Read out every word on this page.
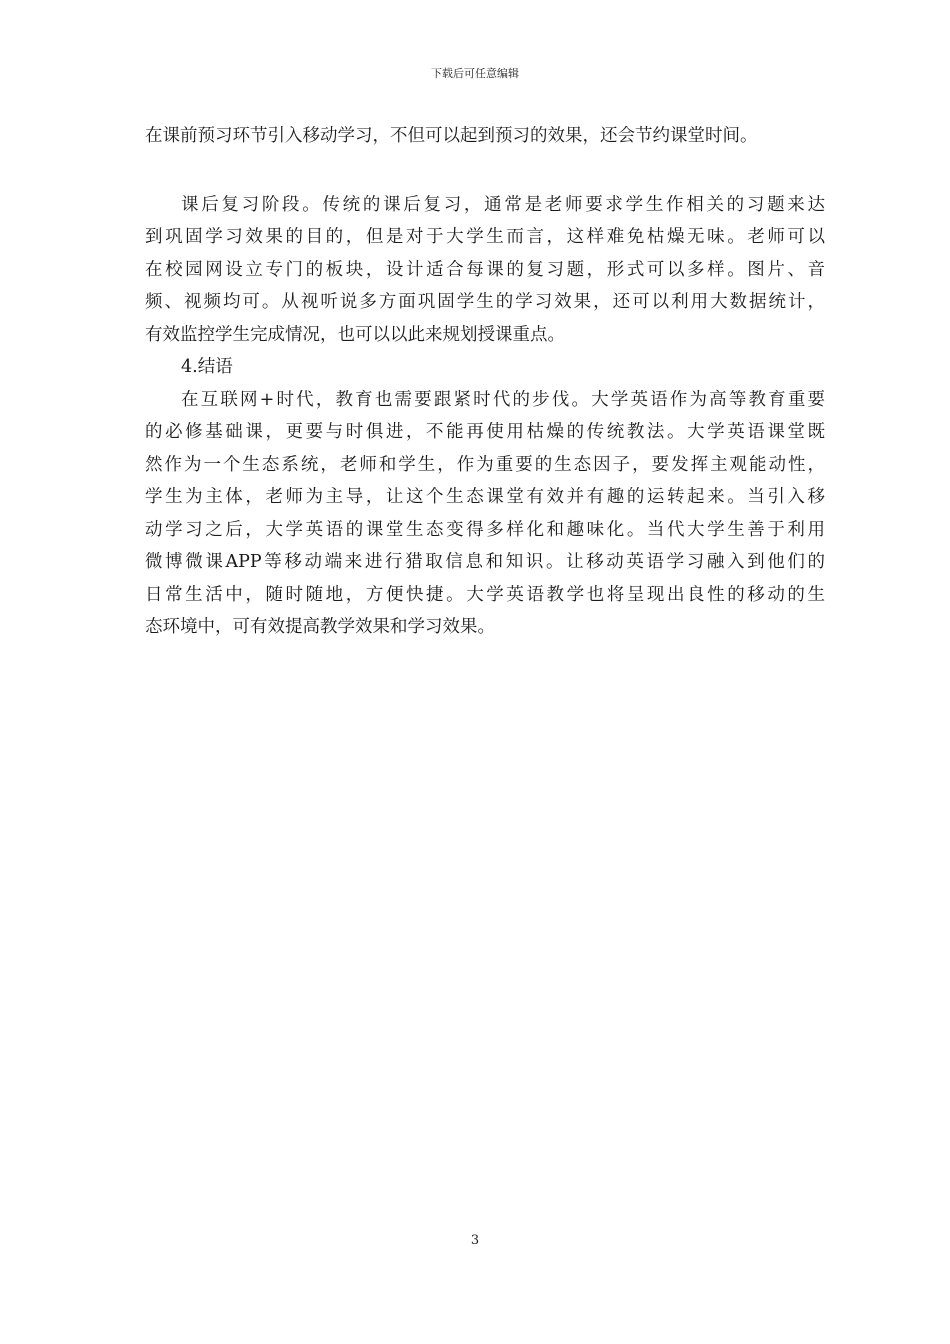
下载后可任意编辑
在课前预习环节引入移动学习，不但可以起到预习的效果，还会节约课堂时间。
课后复习阶段。传统的课后复习，通常是老师要求学生作相关的习题来达
到巩固学习效果的目的，但是对于大学生而言，这样难免枯燥无味。老师可以
在校园网设立专门的板块，设计适合每课的复习题，形式可以多样。图片、音
频、视频均可。从视听说多方面巩固学生的学习效果，还可以利用大数据统计，
有效监控学生完成情况，也可以以此来规划授课重点。
4.结语
在互联网+时代，教育也需要跟紧时代的步伐。大学英语作为高等教育重要
的必修基础课，更要与时俱进，不能再使用枯燥的传统教法。大学英语课堂既
然作为一个生态系统，老师和学生，作为重要的生态因子，要发挥主观能动性，
学生为主体，老师为主导，让这个生态课堂有效并有趣的运转起来。当引入移
动学习之后，大学英语的课堂生态变得多样化和趣味化。当代大学生善于利用
微博微课APP等移动端来进行猎取信息和知识。让移动英语学习融入到他们的
日常生活中，随时随地，方便快捷。大学英语教学也将呈现出良性的移动的生
态环境中，可有效提高教学效果和学习效果。
3
